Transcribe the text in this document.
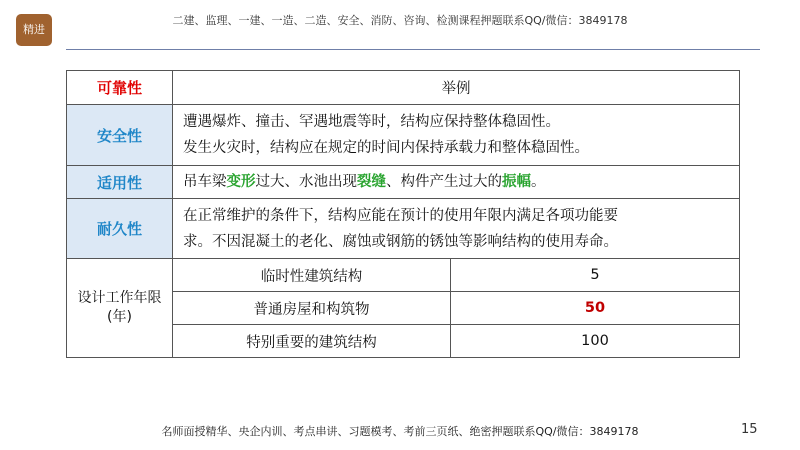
精进
二建、监理、一建、一造、二造、安全、消防、咨询、检测课程押题联系QQ/微信：3849178
可靠性	举例	
安全性	遭遇爆炸、撞击、罕遇地震等时，结构应保持整体稳固性。
发生火灾时，结构应在规定的时间内保持承载力和整体稳固性。	

适用性	吊车梁变形过大、水池出现裂缝、构件产生过大的振幅。	
耐久性	在正常维护的条件下，结构应能在预计的使用年限内满足各项功能要
求。不因混凝土的老化、腐蚀或钢筋的锈蚀等影响结构的使用寿命。	

设计工作年限
(年)	临时性建筑结构	5
	普通房屋和构筑物	50
	特别重要的建筑结构	100
名师面授精华、央企内训、考点串讲、习题模考、考前三页纸、绝密押题联系QQ/微信：3849178	15
